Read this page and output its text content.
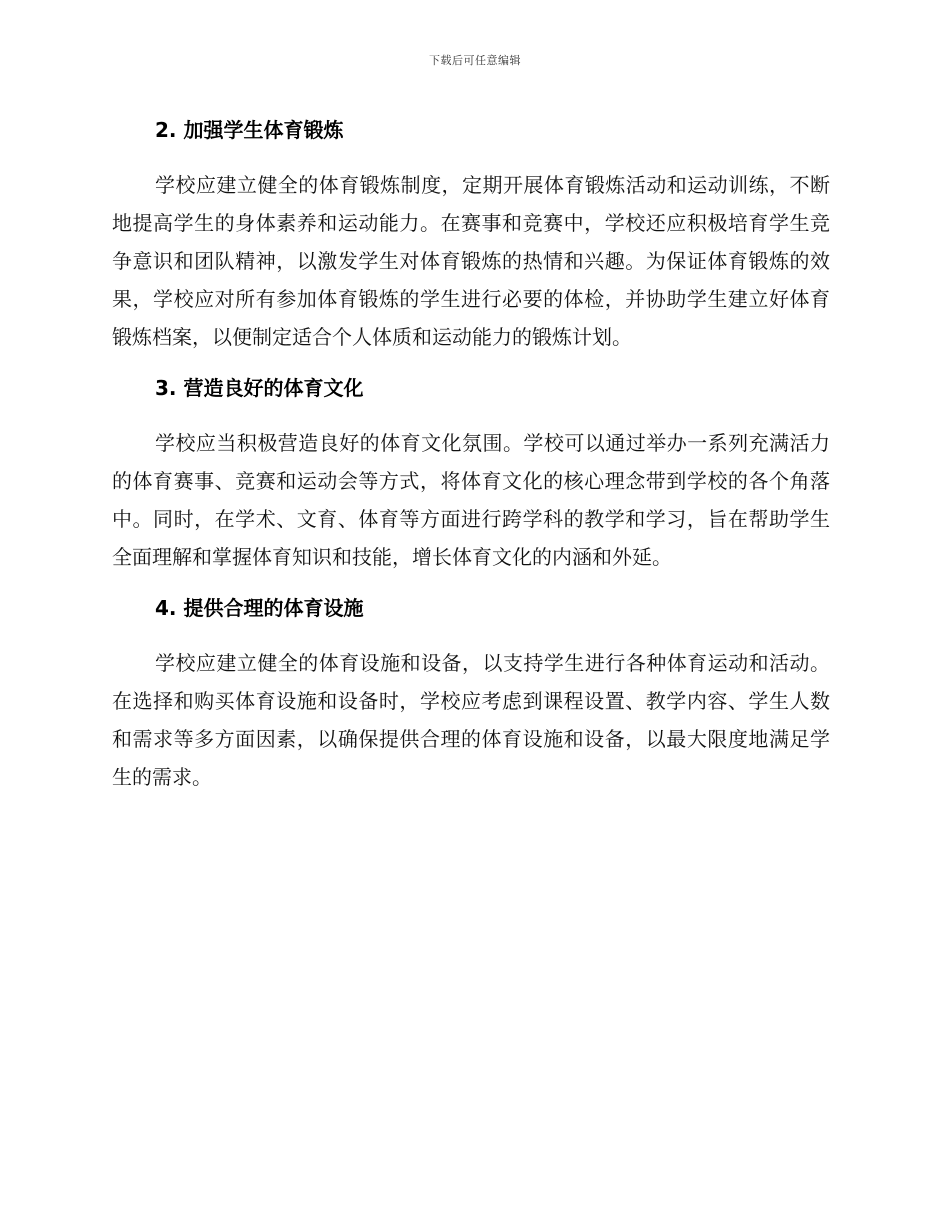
下载后可任意编辑
2. 加强学生体育锻炼

学校应建立健全的体育锻炼制度，定期开展体育锻炼活动和运动训练，不断地提高学生的身体素养和运动能力。在赛事和竞赛中，学校还应积极培育学生竞争意识和团队精神，以激发学生对体育锻炼的热情和兴趣。为保证体育锻炼的效果，学校应对所有参加体育锻炼的学生进行必要的体检，并协助学生建立好体育锻炼档案，以便制定适合个人体质和运动能力的锻炼计划。

3. 营造良好的体育文化

学校应当积极营造良好的体育文化氛围。学校可以通过举办一系列充满活力的体育赛事、竞赛和运动会等方式，将体育文化的核心理念带到学校的各个角落中。同时，在学术、文育、体育等方面进行跨学科的教学和学习，旨在帮助学生全面理解和掌握体育知识和技能，增长体育文化的内涵和外延。

4. 提供合理的体育设施

学校应建立健全的体育设施和设备，以支持学生进行各种体育运动和活动。在选择和购买体育设施和设备时，学校应考虑到课程设置、教学内容、学生人数和需求等多方面因素，以确保提供合理的体育设施和设备，以最大限度地满足学生的需求。
